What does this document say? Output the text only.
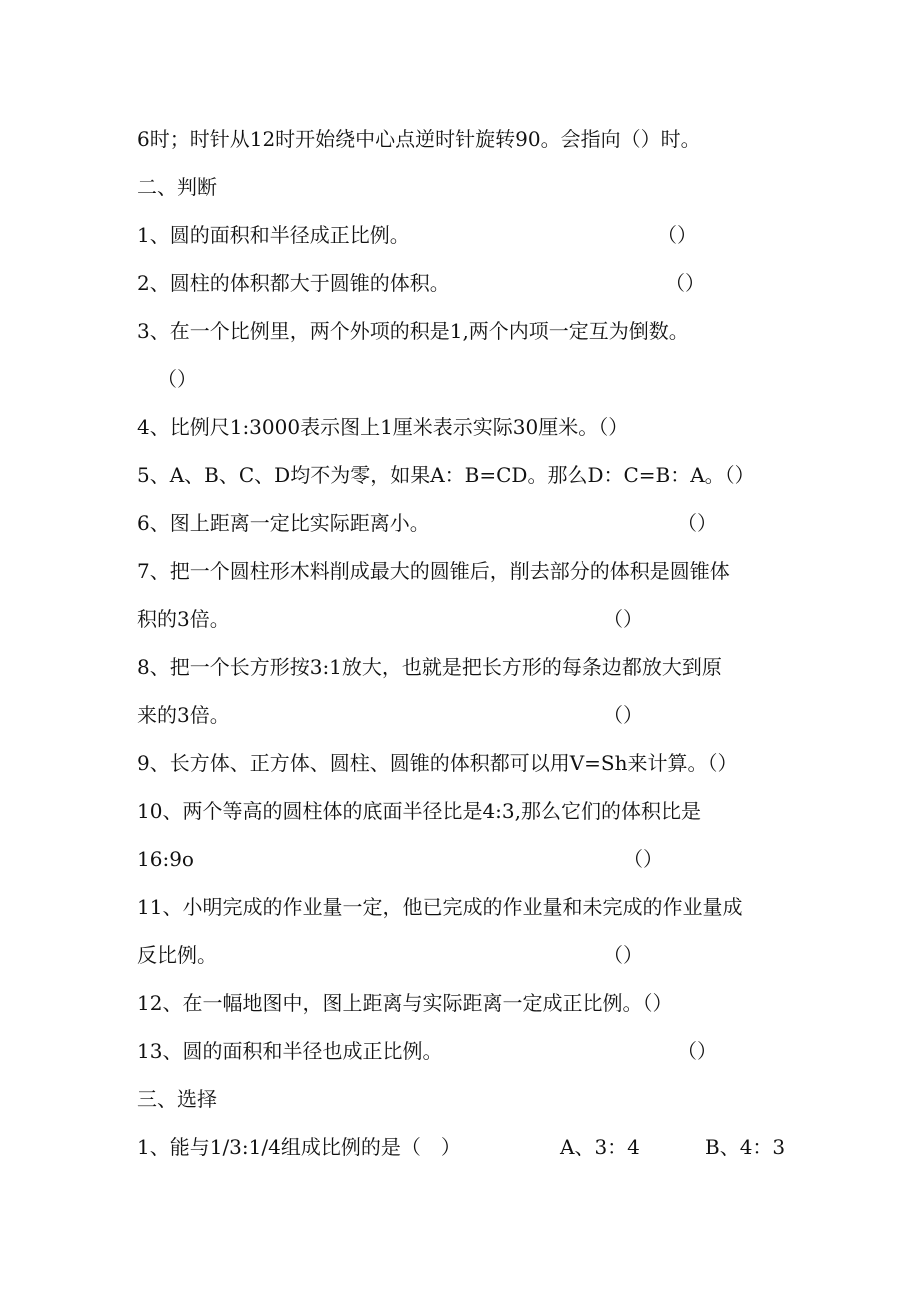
6时；时针从12时开始绕中心点逆时针旋转90。会指向（）时。
二、判断
1、圆的面积和半径成正比例。	（）
2、圆柱的体积都大于圆锥的体积。	（）
3、在一个比例里，两个外项的积是1,两个内项一定互为倒数。
（）
4、比例尺1:3000表示图上1厘米表示实际30厘米。（）
5、A、B、C、D均不为零，如果A：B=CD。那么D：C=B：A。（）
6、图上距离一定比实际距离小。	（）
7、把一个圆柱形木料削成最大的圆锥后，削去部分的体积是圆锥体
积的3倍。	（）
8、把一个长方形按3:1放大，也就是把长方形的每条边都放大到原
来的3倍。	（）
9、长方体、正方体、圆柱、圆锥的体积都可以用V=Sh来计算。（）
10、两个等高的圆柱体的底面半径比是4:3,那么它们的体积比是
16:9o	（）
11、小明完成的作业量一定，他已完成的作业量和未完成的作业量成
反比例。	（）
12、在一幅地图中，图上距离与实际距离一定成正比例。（）
13、圆的面积和半径也成正比例。	（）
三、选择
1、能与1/3:1/4组成比例的是（　）	A、3：4	B、4：3
